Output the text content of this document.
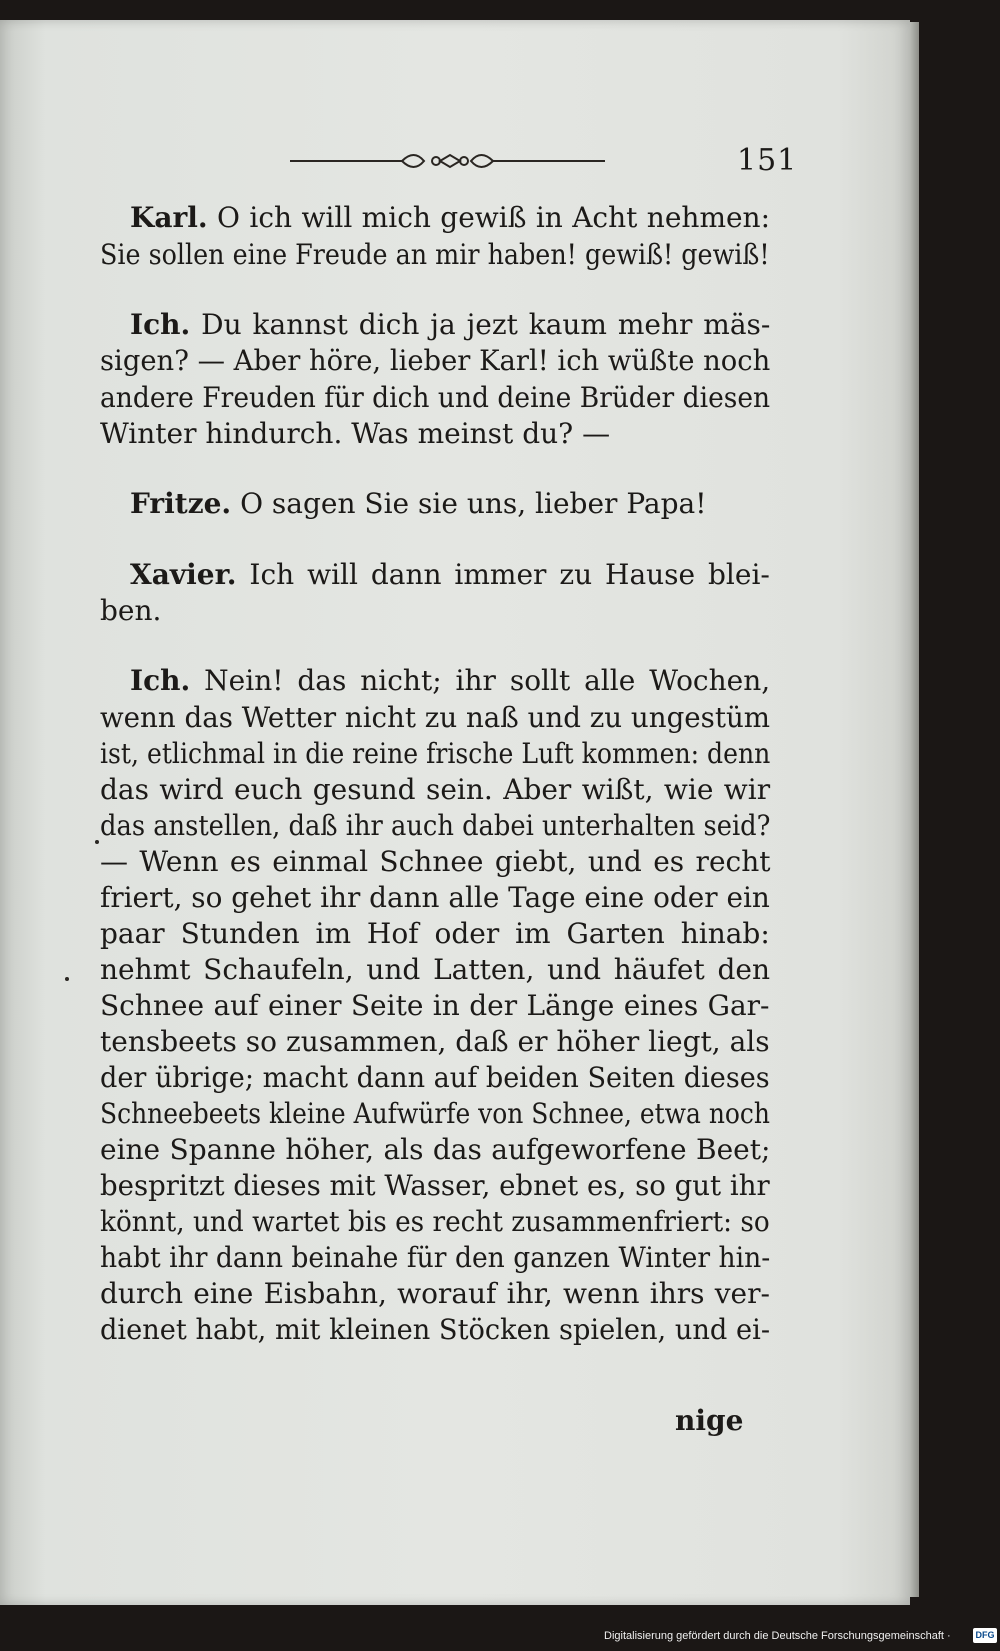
151
Karl. O ich will mich gewiß in Acht nehmen:
Sie sollen eine Freude an mir haben! gewiß! gewiß!
Ich. Du kannst dich ja jezt kaum mehr mäs-
sigen? — Aber höre, lieber Karl! ich wüßte noch
andere Freuden für dich und deine Brüder diesen
Winter hindurch. Was meinst du? —
Fritze. O sagen Sie sie uns, lieber Papa!
Xavier. Ich will dann immer zu Hause blei-
ben.
Ich. Nein! das nicht; ihr sollt alle Wochen,
wenn das Wetter nicht zu naß und zu ungestüm
ist, etlichmal in die reine frische Luft kommen: denn
das wird euch gesund sein. Aber wißt, wie wir
das anstellen, daß ihr auch dabei unterhalten seid?
— Wenn es einmal Schnee giebt, und es recht
friert, so gehet ihr dann alle Tage eine oder ein
paar Stunden im Hof oder im Garten hinab:
nehmt Schaufeln, und Latten, und häufet den
Schnee auf einer Seite in der Länge eines Gar-
tensbeets so zusammen, daß er höher liegt, als
der übrige; macht dann auf beiden Seiten dieses
Schneebeets kleine Aufwürfe von Schnee, etwa noch
eine Spanne höher, als das aufgeworfene Beet;
bespritzt dieses mit Wasser, ebnet es, so gut ihr
könnt, und wartet bis es recht zusammenfriert: so
habt ihr dann beinahe für den ganzen Winter hin-
durch eine Eisbahn, worauf ihr, wenn ihrs ver-
dienet habt, mit kleinen Stöcken spielen, und ei-
nige
Digitalisierung gefördert durch die Deutsche Forschungsgemeinschaft ·	DFG
